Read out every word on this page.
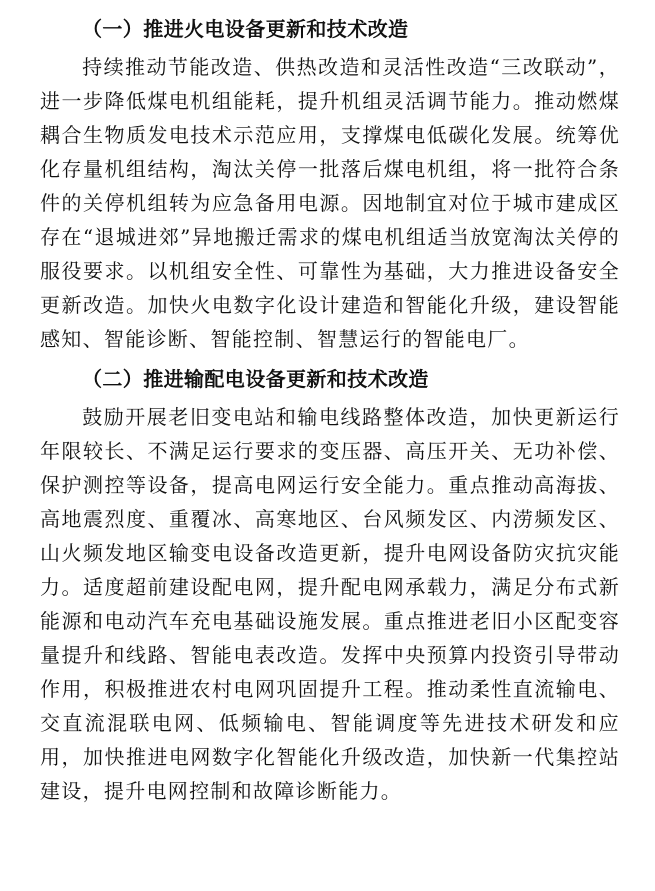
（一）推进火电设备更新和技术改造

持续推动节能改造、供热改造和灵活性改造“三改联动”，进一步降低煤电机组能耗，提升机组灵活调节能力。推动燃煤耦合生物质发电技术示范应用，支撑煤电低碳化发展。统筹优化存量机组结构，淘汰关停一批落后煤电机组，将一批符合条件的关停机组转为应急备用电源。因地制宜对位于城市建成区存在“退城进郊”异地搬迁需求的煤电机组适当放宽淘汰关停的服役要求。以机组安全性、可靠性为基础，大力推进设备安全更新改造。加快火电数字化设计建造和智能化升级，建设智能感知、智能诊断、智能控制、智慧运行的智能电厂。

（二）推进输配电设备更新和技术改造

鼓励开展老旧变电站和输电线路整体改造，加快更新运行年限较长、不满足运行要求的变压器、高压开关、无功补偿、保护测控等设备，提高电网运行安全能力。重点推动高海拔、高地震烈度、重覆冰、高寒地区、台风频发区、内涝频发区、山火频发地区输变电设备改造更新，提升电网设备防灾抗灾能力。适度超前建设配电网，提升配电网承载力，满足分布式新能源和电动汽车充电基础设施发展。重点推进老旧小区配变容量提升和线路、智能电表改造。发挥中央预算内投资引导带动作用，积极推进农村电网巩固提升工程。推动柔性直流输电、交直流混联电网、低频输电、智能调度等先进技术研发和应用，加快推进电网数字化智能化升级改造，加快新一代集控站建设，提升电网控制和故障诊断能力。
